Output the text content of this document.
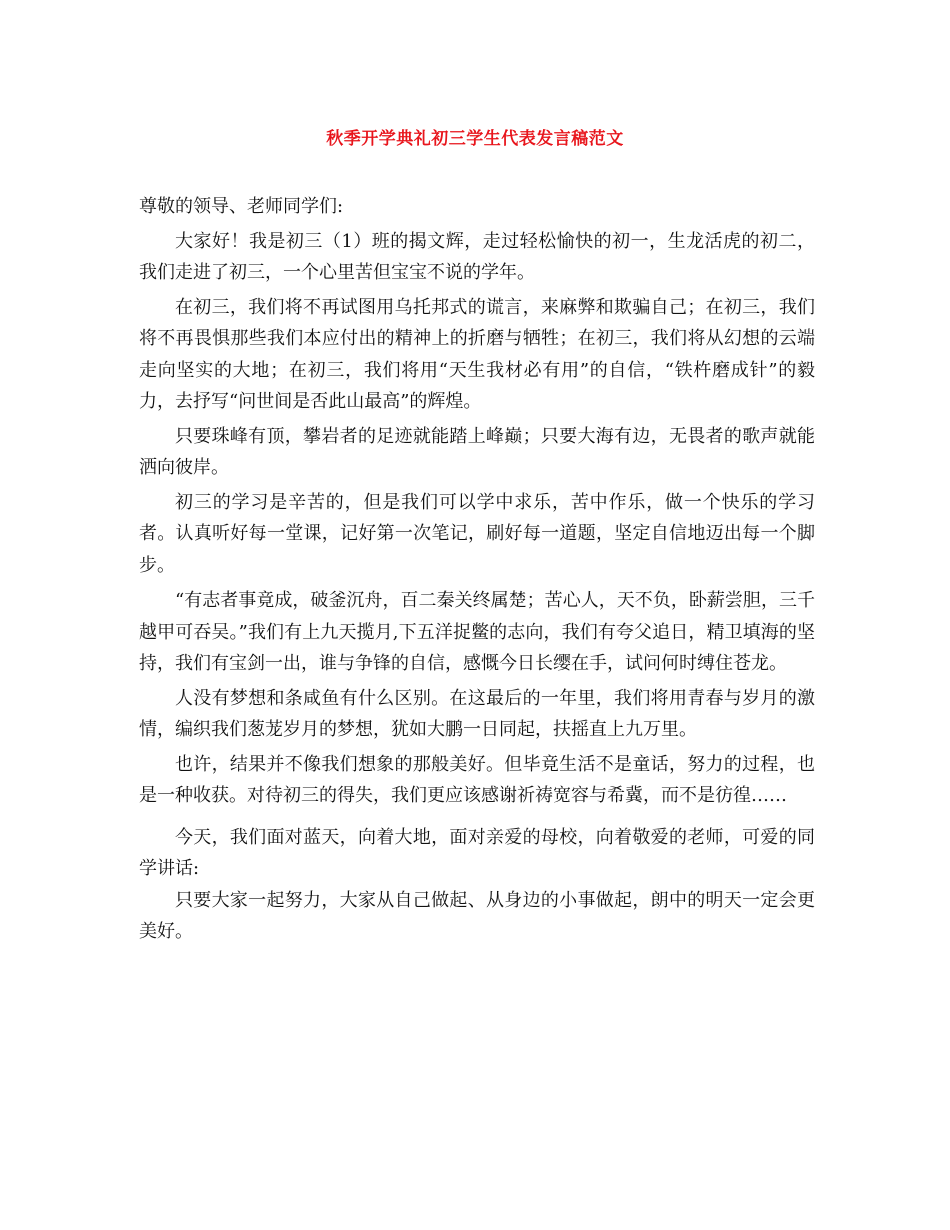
秋季开学典礼初三学生代表发言稿范文

尊敬的领导、老师同学们:

大家好！我是初三（1）班的揭文辉，走过轻松愉快的初一，生龙活虎的初二，我们走进了初三，一个心里苦但宝宝不说的学年。

在初三，我们将不再试图用乌托邦式的谎言，来麻弊和欺骗自己；在初三，我们将不再畏惧那些我们本应付出的精神上的折磨与牺牲；在初三，我们将从幻想的云端走向坚实的大地；在初三，我们将用“天生我材必有用”的自信，“铁杵磨成针”的毅力，去抒写“问世间是否此山最高”的辉煌。

只要珠峰有顶，攀岩者的足迹就能踏上峰巅；只要大海有边，无畏者的歌声就能洒向彼岸。

初三的学习是辛苦的，但是我们可以学中求乐，苦中作乐，做一个快乐的学习者。认真听好每一堂课，记好第一次笔记，刷好每一道题，坚定自信地迈出每一个脚步。

“有志者事竟成，破釜沉舟，百二秦关终属楚；苦心人，天不负，卧薪尝胆，三千越甲可吞吴。”我们有上九天揽月,下五洋捉鳖的志向，我们有夸父追日，精卫填海的坚持，我们有宝剑一出，谁与争锋的自信，感慨今日长缨在手，试问何时缚住苍龙。

人没有梦想和条咸鱼有什么区别。在这最后的一年里，我们将用青春与岁月的激情，编织我们葱茏岁月的梦想，犹如大鹏一日同起，扶摇直上九万里。

也许，结果并不像我们想象的那般美好。但毕竟生活不是童话，努力的过程，也是一种收获。对待初三的得失，我们更应该感谢祈祷宽容与希冀，而不是彷徨……

今天，我们面对蓝天，向着大地，面对亲爱的母校，向着敬爱的老师，可爱的同学讲话:

只要大家一起努力，大家从自己做起、从身边的小事做起，朗中的明天一定会更美好。
